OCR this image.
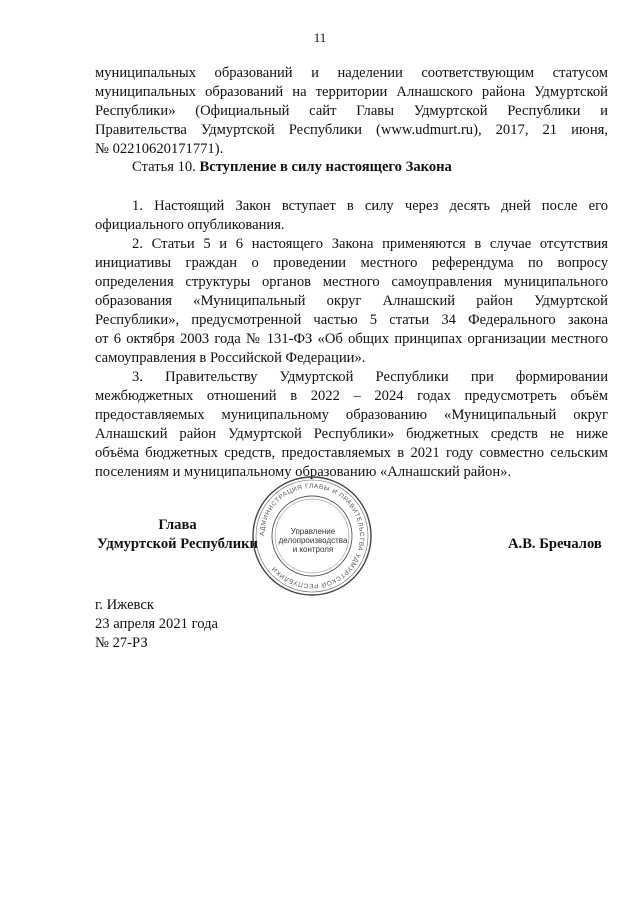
11
муниципальных образований и наделении соответствующим статусом
муниципальных образований на территории Алнашского района Удмуртской
Республики» (Официальный сайт Главы Удмуртской Республики и
Правительства Удмуртской Республики (www.udmurt.ru), 2017, 21 июня,
№ 02210620171771).
Статья 10. Вступление в силу настоящего Закона
1. Настоящий Закон вступает в силу через десять дней после его
официального опубликования.
2. Статьи 5 и 6 настоящего Закона применяются в случае отсутствия
инициативы граждан о проведении местного референдума по вопросу
определения структуры органов местного самоуправления муниципального
образования «Муниципальный округ Алнашский район Удмуртской
Республики», предусмотренной частью 5 статьи 34 Федерального закона
от 6 октября 2003 года № 131-ФЗ «Об общих принципах организации местного
самоуправления в Российской Федерации».
3. Правительству Удмуртской Республики при формировании
межбюджетных отношений в 2022 – 2024 годах предусмотреть объём
предоставляемых муниципальному образованию «Муниципальный округ
Алнашский район Удмуртской Республики» бюджетных средств не ниже
объёма бюджетных средств, предоставляемых в 2021 году совместно сельским
поселениям и муниципальному образованию «Алнашский район».
АДМИНИСТРАЦИЯ ГЛАВЫ И ПРАВИТЕЛЬСТВА УДМУРТСКОЙ РЕСПУБЛИКИ
Управление делопроизводства и контроля
Глава
Удмуртской Республики	А.В. Бречалов
г. Ижевск
23 апреля 2021 года
№ 27-РЗ
